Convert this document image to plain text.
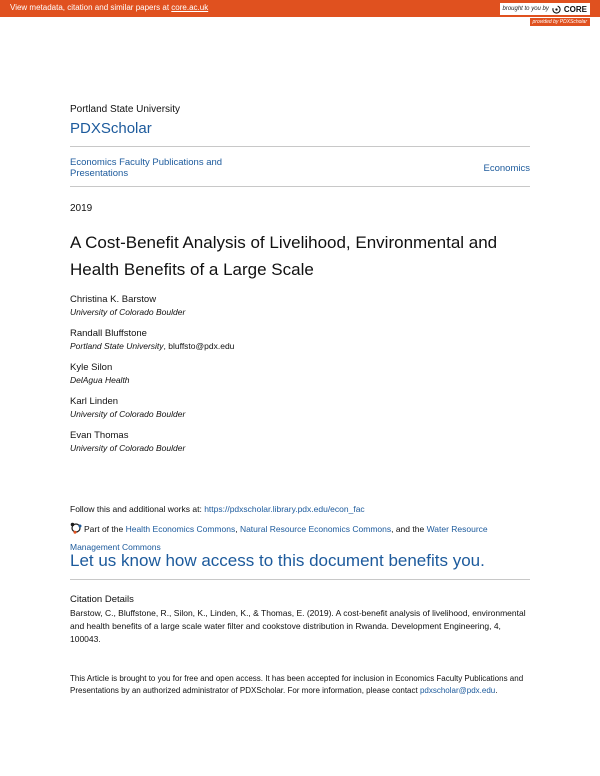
View metadata, citation and similar papers at core.ac.uk	brought to you by CORE
provided by PDXScholar
Portland State University
PDXScholar
Economics Faculty Publications and Presentations	Economics
2019
A Cost-Benefit Analysis of Livelihood, Environmental and Health Benefits of a Large Scale
Christina K. Barstow
University of Colorado Boulder
Randall Bluffstone
Portland State University, bluffsto@pdx.edu
Kyle Silon
DelAgua Health
Karl Linden
University of Colorado Boulder
Evan Thomas
University of Colorado Boulder
Follow this and additional works at: https://pdxscholar.library.pdx.edu/econ_fac
Part of the Health Economics Commons, Natural Resource Economics Commons, and the Water Resource Management Commons
Let us know how access to this document benefits you.
Citation Details
Barstow, C., Bluffstone, R., Silon, K., Linden, K., & Thomas, E. (2019). A cost-benefit analysis of livelihood, environmental and health benefits of a large scale water filter and cookstove distribution in Rwanda. Development Engineering, 4, 100043.
This Article is brought to you for free and open access. It has been accepted for inclusion in Economics Faculty Publications and Presentations by an authorized administrator of PDXScholar. For more information, please contact pdxscholar@pdx.edu.
